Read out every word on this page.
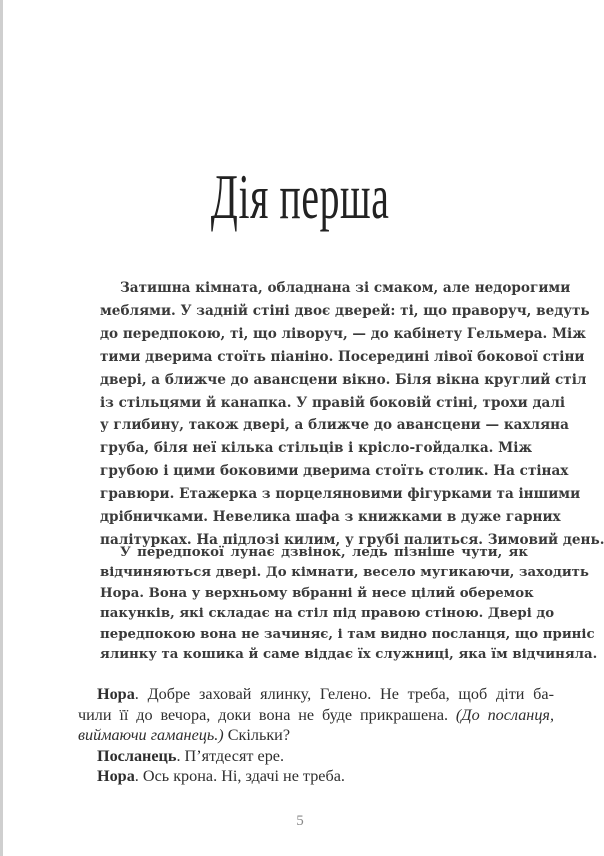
Дія перша
Затишна кімната, обладнана зі смаком, але недорогими
меблями. У задній стіні двоє дверей: ті, що праворуч, ведуть
до передпокою, ті, що ліворуч, — до кабінету Гельмера. Між
тими дверима стоїть піаніно. Посередині лівої бокової стіни
двері, а ближче до авансцени вікно. Біля вікна круглий стіл
із стільцями й канапка. У правій боковій стіні, трохи далі
у глибину, також двері, а ближче до авансцени — кахляна
груба, біля неї кілька стільців і крісло-гойдалка. Між
грубою і цими боковими дверима стоїть столик. На стінах
гравюри. Етажерка з порцеляновими фігурками та іншими
дрібничками. Невелика шафа з книжками в дуже гарних
палітурках. На підлозі килим, у грубі палиться. Зимовий день.
У передпокої лунає дзвінок, ледь пізніше чути, як
відчиняються двері. До кімнати, весело мугикаючи, заходить
Нора. Вона у верхньому вбранні й несе цілий оберемок
пакунків, які складає на стіл під правою стіною. Двері до
передпокою вона не зачиняє, і там видно посланця, що приніс
ялинку та кошика й саме віддає їх служниці, яка їм відчиняла.
Нора. Добре заховай ялинку, Гелено. Не треба, щоб діти ба-
чили її до вечора, доки вона не буде прикрашена. (До посланця,
виймаючи гаманець.) Скільки?
Посланець. П’ятдесят ере.
Нора. Ось крона. Ні, здачі не треба.
5
